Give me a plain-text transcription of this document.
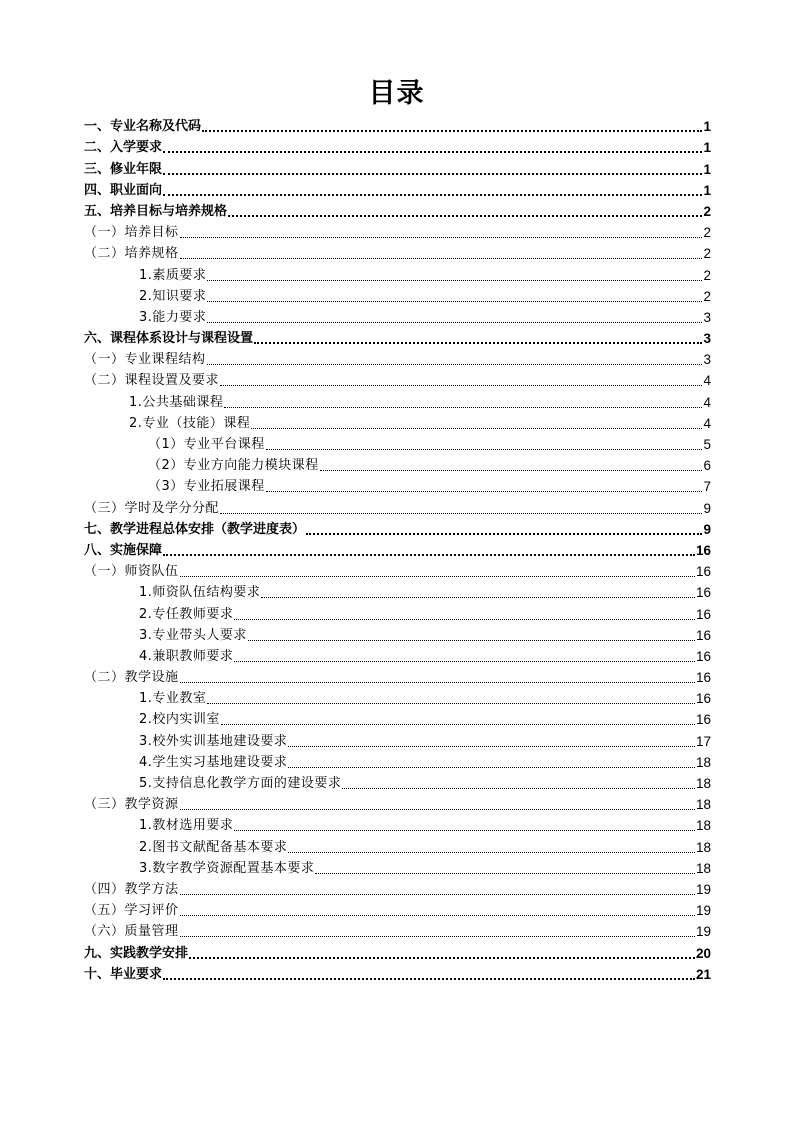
目录
一、专业名称及代码	1
二、入学要求	1
三、修业年限	1
四、职业面向	1
五、培养目标与培养规格	2
（一）培养目标	2
（二）培养规格	2
1.素质要求	2
2.知识要求	2
3.能力要求	3
六、课程体系设计与课程设置	3
（一）专业课程结构	3
（二）课程设置及要求	4
1.公共基础课程	4
2.专业（技能）课程	4
（1）专业平台课程	5
（2）专业方向能力模块课程	6
（3）专业拓展课程	7
（三）学时及学分分配	9
七、教学进程总体安排（教学进度表）	9
八、实施保障	16
（一）师资队伍	16
1.师资队伍结构要求	16
2.专任教师要求	16
3.专业带头人要求	16
4.兼职教师要求	16
（二）教学设施	16
1.专业教室	16
2.校内实训室	16
3.校外实训基地建设要求	17
4.学生实习基地建设要求	18
5.支持信息化教学方面的建设要求	18
（三）教学资源	18
1.教材选用要求	18
2.图书文献配备基本要求	18
3.数字教学资源配置基本要求	18
（四）教学方法	19
（五）学习评价	19
（六）质量管理	19
九、实践教学安排	20
十、毕业要求	21
